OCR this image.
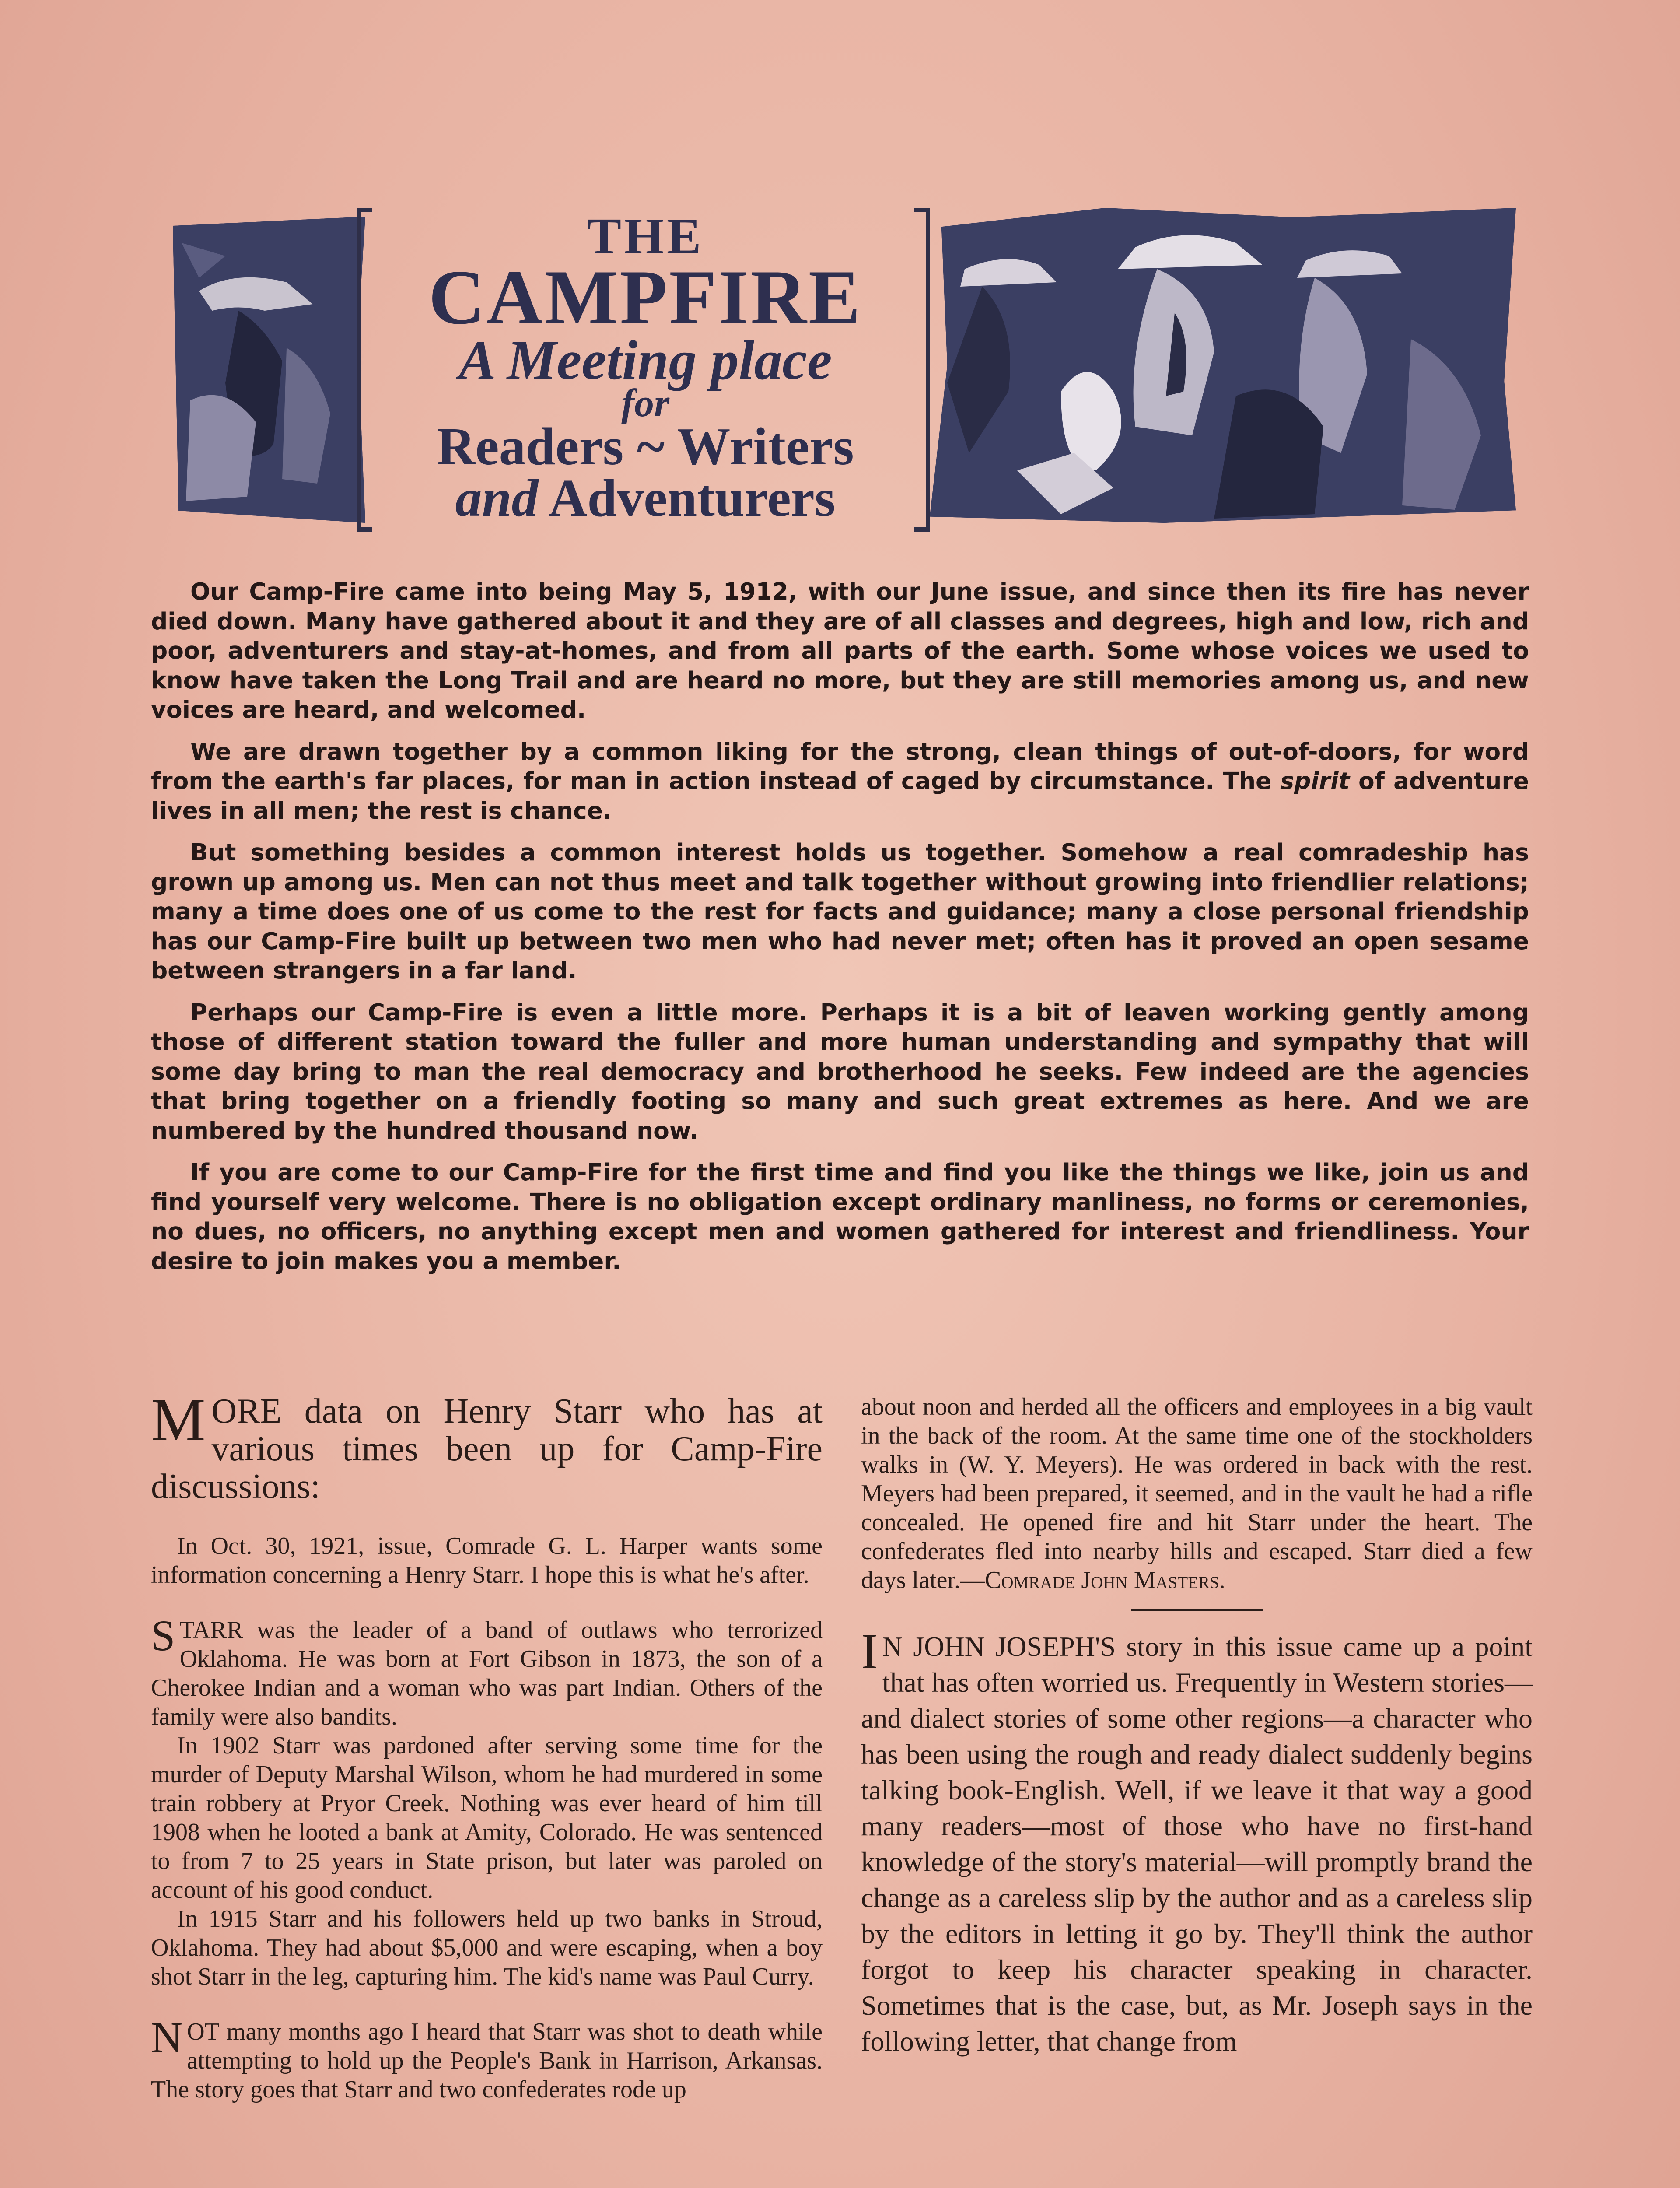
THE
CAMPFIRE
A Meeting place
for
Readers ~ Writers
and Adventurers

Our Camp-Fire came into being May 5, 1912, with our June issue, and since then its fire has never died down. Many have gathered about it and they are of all classes and degrees, high and low, rich and poor, adventurers and stay-at-homes, and from all parts of the earth. Some whose voices we used to know have taken the Long Trail and are heard no more, but they are still memories among us, and new voices are heard, and welcomed.

We are drawn together by a common liking for the strong, clean things of out-of-doors, for word from the earth's far places, for man in action instead of caged by circumstance. The spirit of adventure lives in all men; the rest is chance.

But something besides a common interest holds us together. Somehow a real comradeship has grown up among us. Men can not thus meet and talk together without growing into friendlier relations; many a time does one of us come to the rest for facts and guidance; many a close personal friendship has our Camp-Fire built up between two men who had never met; often has it proved an open sesame between strangers in a far land.

Perhaps our Camp-Fire is even a little more. Perhaps it is a bit of leaven working gently among those of different station toward the fuller and more human understanding and sympathy that will some day bring to man the real democracy and brotherhood he seeks. Few indeed are the agencies that bring together on a friendly footing so many and such great extremes as here. And we are numbered by the hundred thousand now.

If you are come to our Camp-Fire for the first time and find you like the things we like, join us and find yourself very welcome. There is no obligation except ordinary manliness, no forms or ceremonies, no dues, no officers, no anything except men and women gathered for interest and friendliness. Your desire to join makes you a member.

MORE data on Henry Starr who has at various times been up for Camp-Fire discussions:

In Oct. 30, 1921, issue, Comrade G. L. Harper wants some information concerning a Henry Starr. I hope this is what he's after.

STARR was the leader of a band of outlaws who terrorized Oklahoma. He was born at Fort Gibson in 1873, the son of a Cherokee Indian and a woman who was part Indian. Others of the family were also bandits.

In 1902 Starr was pardoned after serving some time for the murder of Deputy Marshal Wilson, whom he had murdered in some train robbery at Pryor Creek. Nothing was ever heard of him till 1908 when he looted a bank at Amity, Colorado. He was sentenced to from 7 to 25 years in State prison, but later was paroled on account of his good conduct.

In 1915 Starr and his followers held up two banks in Stroud, Oklahoma. They had about $5,000 and were escaping, when a boy shot Starr in the leg, capturing him. The kid's name was Paul Curry.

NOT many months ago I heard that Starr was shot to death while attempting to hold up the People's Bank in Harrison, Arkansas. The story goes that Starr and two confederates rode up

about noon and herded all the officers and employees in a big vault in the back of the room. At the same time one of the stockholders walks in (W. Y. Meyers). He was ordered in back with the rest. Meyers had been prepared, it seemed, and in the vault he had a rifle concealed. He opened fire and hit Starr under the heart. The confederates fled into nearby hills and escaped. Starr died a few days later.—Comrade John Masters.

I N JOHN JOSEPH'S story in this issue came up a point that has often worried us. Frequently in Western stories—and dialect stories of some other regions—a character who has been using the rough and ready dialect suddenly begins talking book-English. Well, if we leave it that way a good many readers—most of those who have no first-hand knowledge of the story's material—will promptly brand the change as a careless slip by the author and as a careless slip by the editors in letting it go by. They'll think the author forgot to keep his character speaking in character. Sometimes that is the case, but, as Mr. Joseph says in the following letter, that change from
